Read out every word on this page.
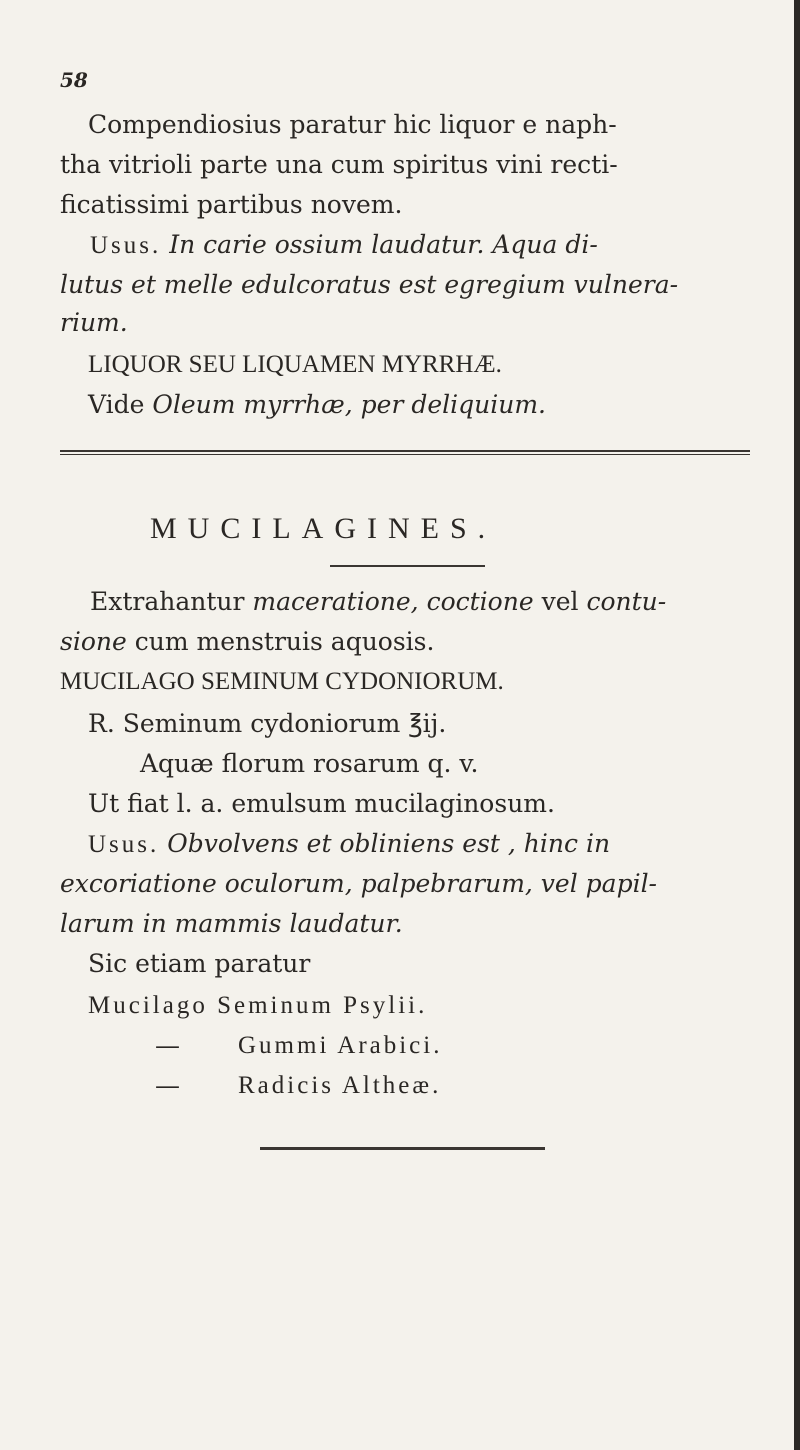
58
Compendiosius paratur hic liquor e naph-
tha vitrioli parte una cum spiritus vini recti-
ficatissimi partibus novem.
Usus. In carie ossium laudatur. Aqua di-
lutus et melle edulcoratus est egregium vulnera-
rium.
LIQUOR SEU LIQUAMEN MYRRHÆ.
Vide Oleum myrrhæ, per deliquium.
MUCILAGINES.
Extrahantur maceratione, coctione vel contu-
sione cum menstruis aquosis.
MUCILAGO SEMINUM CYDONIORUM.
R. Seminum cydoniorum ℥ij.
Aquæ florum rosarum q. v.
Ut fiat l. a. emulsum mucilaginosum.
Usus. Obvolvens et obliniens est , hinc in
excoriatione oculorum, palpebrarum, vel papil-
larum in mammis laudatur.
Sic etiam paratur
Mucilago Seminum Psylii.
— Gummi Arabici.
— Radicis Altheæ.
